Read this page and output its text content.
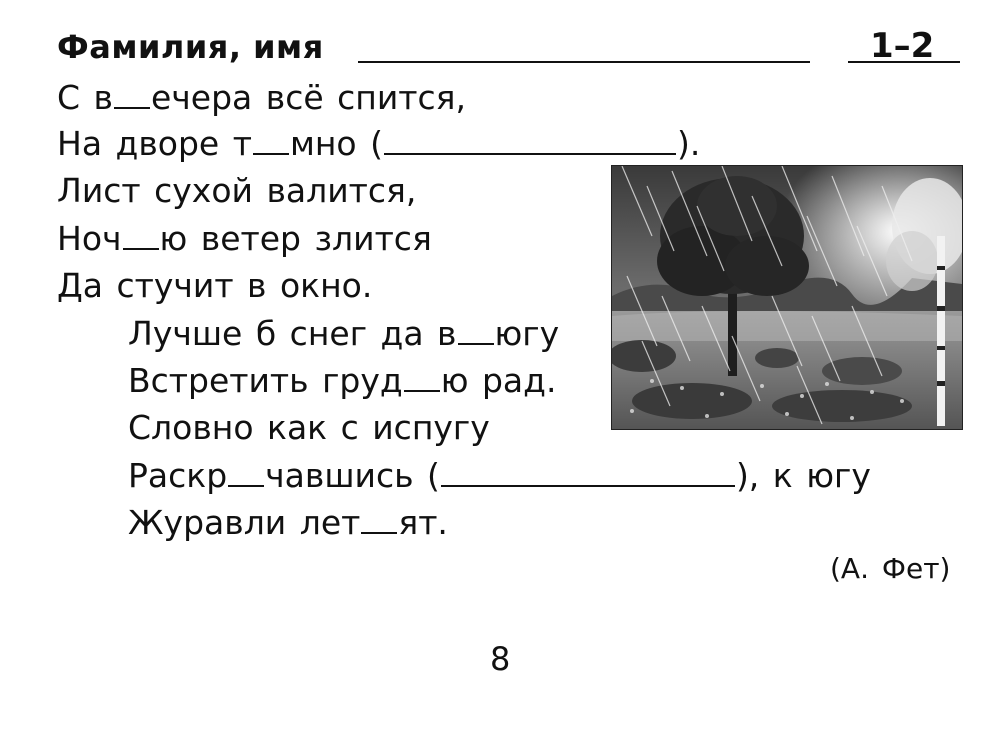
Фамилия, имя	1–2
С в ечера всё спится,
На дворе т мно (	).
Лист сухой валится,
Ноч ю ветер злится
Да стучит в окно.
Лучше б снег да в югу
Встретить груд ю рад.
Словно как с испугу
Раскр чавшись (	), к югу
Журавли лет ят.
(А. Фет)
8
